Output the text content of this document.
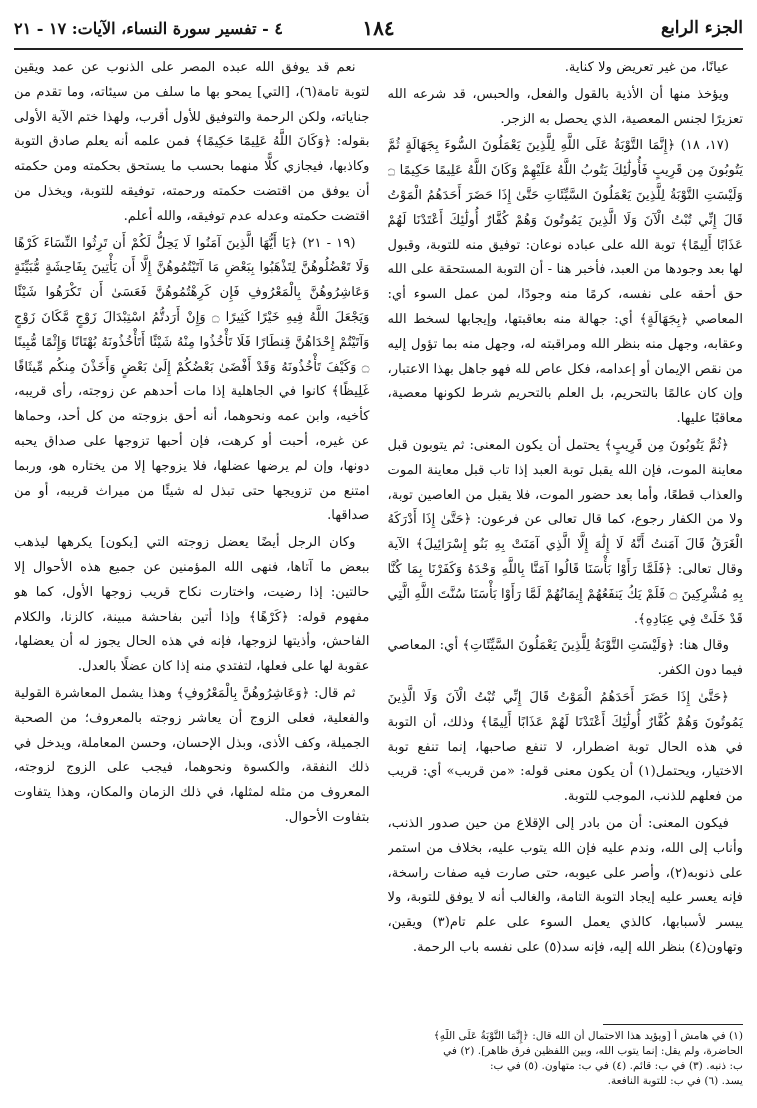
الجزء الرابع
١٨٤
٤ - تفسير سورة النساء، الآيات: ١٧ - ٢١

عيانًا، من غير تعريض ولا كناية.

ويؤخذ منها أن الأذية بالقول والفعل، والحبس، قد شرعه الله تعزيرًا لجنس المعصية، الذي يحصل به الزجر.

(١٧، ١٨) ﴿إِنَّمَا التَّوْبَةُ عَلَى اللَّهِ لِلَّذِينَ يَعْمَلُونَ السُّوءَ بِجَهَالَةٍ ثُمَّ يَتُوبُونَ مِن قَرِيبٍ فَأُولَٰئِكَ يَتُوبُ اللَّهُ عَلَيْهِمْ وَكَانَ اللَّهُ عَلِيمًا حَكِيمًا ۝ وَلَيْسَتِ التَّوْبَةُ لِلَّذِينَ يَعْمَلُونَ السَّيِّئَاتِ حَتَّىٰ إِذَا حَضَرَ أَحَدَهُمُ الْمَوْتُ قَالَ إِنِّي تُبْتُ الْآنَ وَلَا الَّذِينَ يَمُوتُونَ وَهُمْ كُفَّارٌ أُولَٰئِكَ أَعْتَدْنَا لَهُمْ عَذَابًا أَلِيمًا﴾ توبة الله على عباده نوعان: توفيق منه للتوبة، وقبول لها بعد وجودها من العبد، فأخبر هنا - أن التوبة المستحقة على الله حق أحقه على نفسه، كرمًا منه وجودًا، لمن عمل السوء أي: المعاصي ﴿بِجَهَالَةٍ﴾ أي: جهالة منه بعاقبتها، وإيجابها لسخط الله وعقابه، وجهل منه بنظر الله ومراقبته له، وجهل منه بما تؤول إليه من نقص الإيمان أو إعدامه، فكل عاص لله فهو جاهل بهذا الاعتبار، وإن كان عالمًا بالتحريم، بل العلم بالتحريم شرط لكونها معصية، معاقبًا عليها.

﴿ثُمَّ يَتُوبُونَ مِن قَرِيبٍ﴾ يحتمل أن يكون المعنى: ثم يتوبون قبل معاينة الموت، فإن الله يقبل توبة العبد إذا تاب قبل معاينة الموت والعذاب قطعًا، وأما بعد حضور الموت، فلا يقبل من العاصين توبة، ولا من الكفار رجوع، كما قال تعالى عن فرعون: ﴿حَتَّىٰ إِذَا أَدْرَكَهُ الْغَرَقُ قَالَ آمَنتُ أَنَّهُ لَا إِلَٰهَ إِلَّا الَّذِي آمَنَتْ بِهِ بَنُو إِسْرَائِيلَ﴾ الآية وقال تعالى: ﴿فَلَمَّا رَأَوْا بَأْسَنَا قَالُوا آمَنَّا بِاللَّهِ وَحْدَهُ وَكَفَرْنَا بِمَا كُنَّا بِهِ مُشْرِكِينَ ۝ فَلَمْ يَكُ يَنفَعُهُمْ إِيمَانُهُمْ لَمَّا رَأَوْا بَأْسَنَا سُنَّتَ اللَّهِ الَّتِي قَدْ خَلَتْ فِي عِبَادِهِ﴾.

وقال هنا: ﴿وَلَيْسَتِ التَّوْبَةُ لِلَّذِينَ يَعْمَلُونَ السَّيِّئَاتِ﴾ أي: المعاصي فيما دون الكفر.

﴿حَتَّىٰ إِذَا حَضَرَ أَحَدَهُمُ الْمَوْتُ قَالَ إِنِّي تُبْتُ الْآنَ وَلَا الَّذِينَ يَمُوتُونَ وَهُمْ كُفَّارٌ أُولَٰئِكَ أَعْتَدْنَا لَهُمْ عَذَابًا أَلِيمًا﴾ وذلك، أن التوبة في هذه الحال توبة اضطرار، لا تنفع صاحبها، إنما تنفع توبة الاختيار، ويحتمل(١) أن يكون معنى قوله: «من قريب» أي: قريب من فعلهم للذنب، الموجب للتوبة.

فيكون المعنى: أن من بادر إلى الإقلاع من حين صدور الذنب، وأناب إلى الله، وندم عليه فإن الله يتوب عليه، بخلاف من استمر على ذنوبه(٢)، وأصر على عيوبه، حتى صارت فيه صفات راسخة، فإنه يعسر عليه إيجاد التوبة التامة، والغالب أنه لا يوفق للتوبة، ولا ييسر لأسبابها، كالذي يعمل السوء على علم تام(٣) ويقين، وتهاون(٤) بنظر الله إليه، فإنه سد(٥) على نفسه باب الرحمة.

نعم قد يوفق الله عبده المصر على الذنوب عن عمد ويقين لتوبة تامة(٦)، [التي] يمحو بها ما سلف من سيئاته، وما تقدم من جناياته، ولكن الرحمة والتوفيق للأول أقرب، ولهذا ختم الآية الأولى بقوله: ﴿وَكَانَ اللَّهُ عَلِيمًا حَكِيمًا﴾ فمن علمه أنه يعلم صادق التوبة وكاذبها، فيجازي كلًّا منهما بحسب ما يستحق بحكمته ومن حكمته أن يوفق من اقتضت حكمته ورحمته، توفيقه للتوبة، ويخذل من اقتضت حكمته وعدله عدم توفيقه، والله أعلم.

(١٩ - ٢١) ﴿يَا أَيُّهَا الَّذِينَ آمَنُوا لَا يَحِلُّ لَكُمْ أَن تَرِثُوا النِّسَاءَ كَرْهًا وَلَا تَعْضُلُوهُنَّ لِتَذْهَبُوا بِبَعْضِ مَا آتَيْتُمُوهُنَّ إِلَّا أَن يَأْتِينَ بِفَاحِشَةٍ مُّبَيِّنَةٍ وَعَاشِرُوهُنَّ بِالْمَعْرُوفِ فَإِن كَرِهْتُمُوهُنَّ فَعَسَىٰ أَن تَكْرَهُوا شَيْئًا وَيَجْعَلَ اللَّهُ فِيهِ خَيْرًا كَثِيرًا ۝ وَإِنْ أَرَدتُّمُ اسْتِبْدَالَ زَوْجٍ مَّكَانَ زَوْجٍ وَآتَيْتُمْ إِحْدَاهُنَّ قِنطَارًا فَلَا تَأْخُذُوا مِنْهُ شَيْئًا أَتَأْخُذُونَهُ بُهْتَانًا وَإِثْمًا مُّبِينًا ۝ وَكَيْفَ تَأْخُذُونَهُ وَقَدْ أَفْضَىٰ بَعْضُكُمْ إِلَىٰ بَعْضٍ وَأَخَذْنَ مِنكُم مِّيثَاقًا غَلِيظًا﴾ كانوا في الجاهلية إذا مات أحدهم عن زوجته، رأى قريبه، كأخيه، وابن عمه ونحوهما، أنه أحق بزوجته من كل أحد، وحماها عن غيره، أحبت أو كرهت، فإن أحبها تزوجها على صداق يحبه دونها، وإن لم يرضها عضلها، فلا يزوجها إلا من يختاره هو، وربما امتنع من تزويجها حتى تبذل له شيئًا من ميراث قريبه، أو من صداقها.

وكان الرجل أيضًا يعضل زوجته التي [يكون] يكرهها ليذهب ببعض ما آتاها، فنهى الله المؤمنين عن جميع هذه الأحوال إلا حالتين: إذا رضيت، واختارت نكاح قريب زوجها الأول، كما هو مفهوم قوله: ﴿كَرْهًا﴾ وإذا أتين بفاحشة مبينة، كالزنا، والكلام الفاحش، وأذيتها لزوجها، فإنه في هذه الحال يجوز له أن يعضلها، عقوبة لها على فعلها، لتفتدي منه إذا كان عضلًا بالعدل.

ثم قال: ﴿وَعَاشِرُوهُنَّ بِالْمَعْرُوفِ﴾ وهذا يشمل المعاشرة القولية والفعلية، فعلى الزوج أن يعاشر زوجته بالمعروف؛ من الصحبة الجميلة، وكف الأذى، وبذل الإحسان، وحسن المعاملة، ويدخل في ذلك النفقة، والكسوة ونحوهما، فيجب على الزوج لزوجته، المعروف من مثله لمثلها، في ذلك الزمان والمكان، وهذا يتفاوت بتفاوت الأحوال.

(١) في هامش أ [ويؤيد هذا الاحتمال أن الله قال: ﴿إِنَّمَا التَّوْبَةُ عَلَى اللَّهِ﴾
الحاضرة، ولم يقل: إنما يتوب الله، وبين اللفظين فرق ظاهر]. (٢) في
ب: ذنبه. (٣) في ب: قائم. (٤) في ب: متهاون. (٥) في ب:
يسد. (٦) في ب: للتوبة النافعة.
